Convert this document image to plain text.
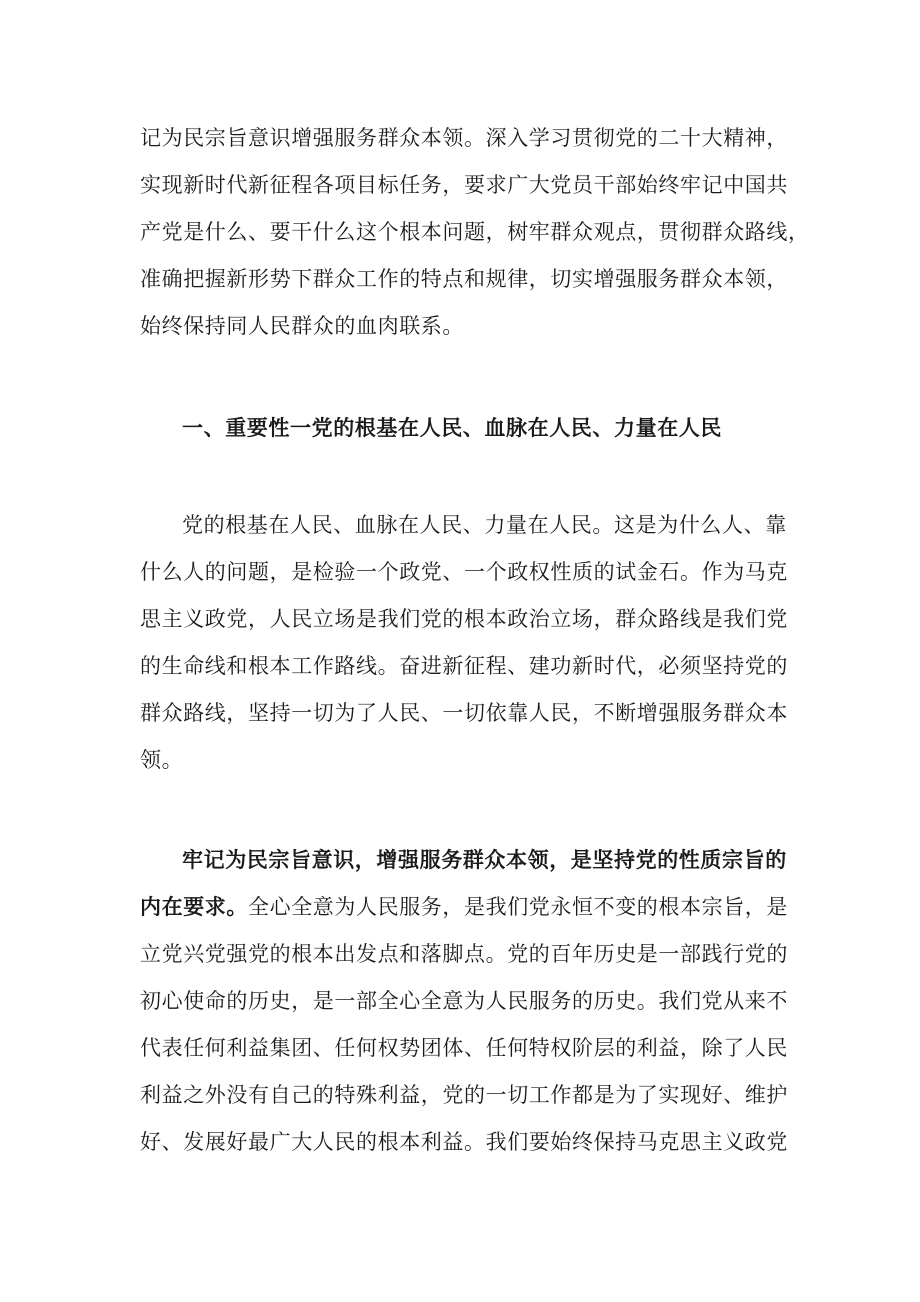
记为民宗旨意识增强服务群众本领。深入学习贯彻党的二十大精神，
实现新时代新征程各项目标任务，要求广大党员干部始终牢记中国共
产党是什么、要干什么这个根本问题，树牢群众观点，贯彻群众路线，
准确把握新形势下群众工作的特点和规律，切实增强服务群众本领，
始终保持同人民群众的血肉联系。
一、重要性一党的根基在人民、血脉在人民、力量在人民
党的根基在人民、血脉在人民、力量在人民。这是为什么人、靠
什么人的问题，是检验一个政党、一个政权性质的试金石。作为马克
思主义政党，人民立场是我们党的根本政治立场，群众路线是我们党
的生命线和根本工作路线。奋进新征程、建功新时代，必须坚持党的
群众路线，坚持一切为了人民、一切依靠人民，不断增强服务群众本
领。
牢记为民宗旨意识，增强服务群众本领，是坚持党的性质宗旨的
内在要求。全心全意为人民服务，是我们党永恒不变的根本宗旨，是
立党兴党强党的根本出发点和落脚点。党的百年历史是一部践行党的
初心使命的历史，是一部全心全意为人民服务的历史。我们党从来不
代表任何利益集团、任何权势团体、任何特权阶层的利益，除了人民
利益之外没有自己的特殊利益，党的一切工作都是为了实现好、维护
好、发展好最广大人民的根本利益。我们要始终保持马克思主义政党
